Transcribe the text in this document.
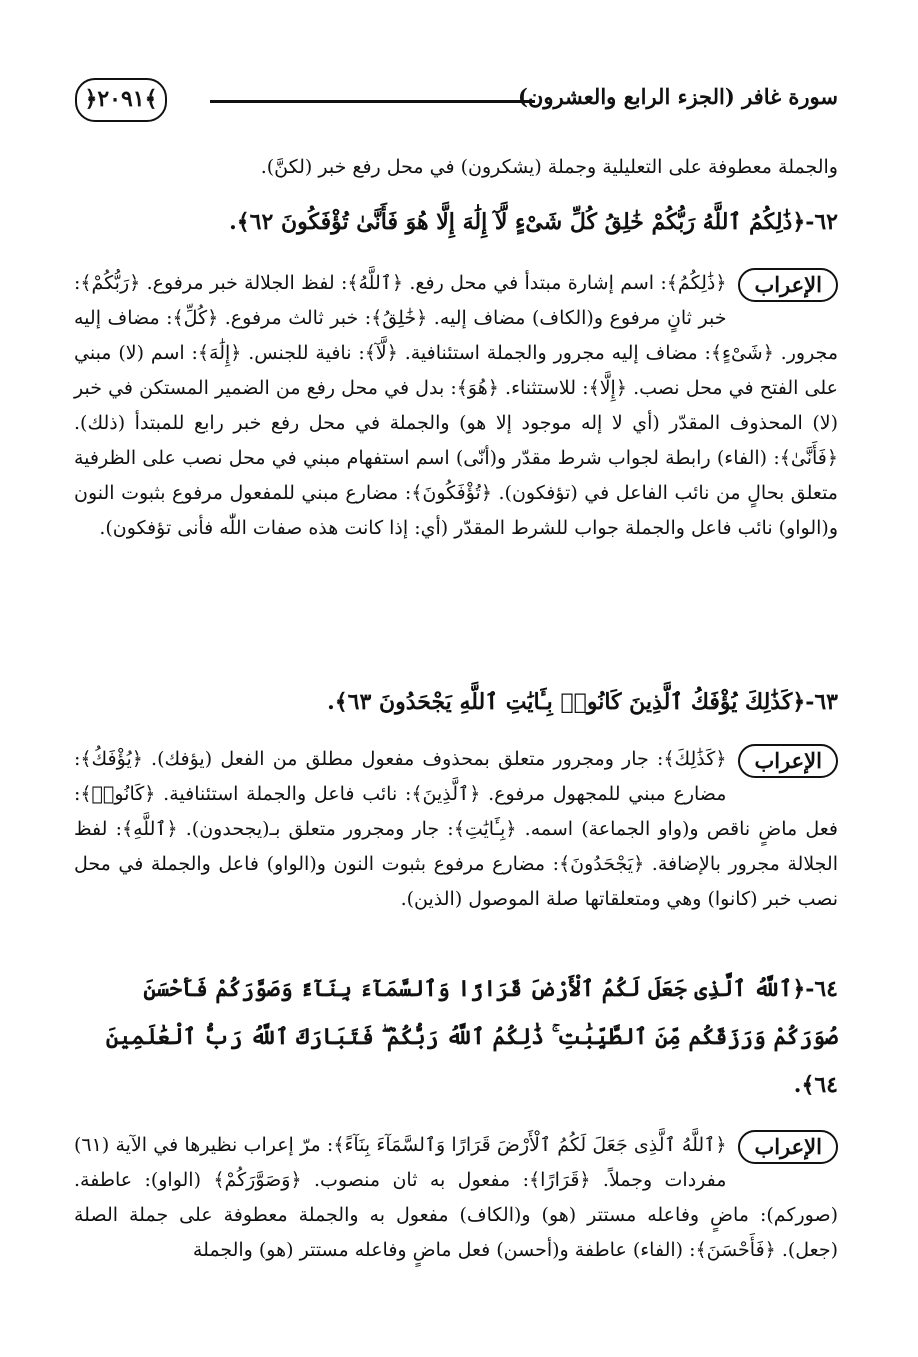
﴿٢٠٩١﴾	سورة غافر (الجزء الرابع والعشرون)
والجملة معطوفة على التعليلية وجملة (يشكرون) في محل رفع خبر (لكنَّ).
٦٢-﴿ذَٰلِكُمُ ٱللَّهُ رَبُّكُمْ خَٰلِقُ كُلِّ شَىْءٍ لَّآ إِلَٰهَ إِلَّا هُوَ فَأَنَّىٰ تُؤْفَكُونَ ٦٢﴾.
الإعراب
﴿ذَٰلِكُمُ﴾: اسم إشارة مبتدأ في محل رفع. ﴿ٱللَّهُ﴾: لفظ الجلالة خبر مرفوع. ﴿رَبُّكُمْ﴾: خبر ثانٍ مرفوع و(الكاف) مضاف إليه. ﴿خَٰلِقُ﴾: خبر ثالث مرفوع. ﴿كُلِّ﴾: مضاف إليه مجرور. ﴿شَىْءٍ﴾: مضاف إليه مجرور والجملة استئنافية. ﴿لَّآ﴾: نافية للجنس. ﴿إِلَٰهَ﴾: اسم (لا) مبني على الفتح في محل نصب. ﴿إِلَّا﴾: للاستثناء. ﴿هُوَ﴾: بدل في محل رفع من الضمير المستكن في خبر (لا) المحذوف المقدّر (أي لا إله موجود إلا هو) والجملة في محل رفع خبر رابع للمبتدأ (ذلك). ﴿فَأَنَّىٰ﴾: (الفاء) رابطة لجواب شرط مقدّر و(أنّى) اسم استفهام مبني في محل نصب على الظرفية متعلق بحالٍ من نائب الفاعل في (تؤفكون). ﴿تُؤْفَكُونَ﴾: مضارع مبني للمفعول مرفوع بثبوت النون و(الواو) نائب فاعل والجملة جواب للشرط المقدّر (أي: إذا كانت هذه صفات اللّٰه فأنى تؤفكون).
٦٣-﴿كَذَٰلِكَ يُؤْفَكُ ٱلَّذِينَ كَانُوا۟ بِـَٔايَٰتِ ٱللَّهِ يَجْحَدُونَ ٦٣﴾.
الإعراب
﴿كَذَٰلِكَ﴾: جار ومجرور متعلق بمحذوف مفعول مطلق من الفعل (يؤفك). ﴿يُؤْفَكُ﴾: مضارع مبني للمجهول مرفوع. ﴿ٱلَّذِينَ﴾: نائب فاعل والجملة استئنافية. ﴿كَانُوا۟﴾: فعل ماضٍ ناقص و(واو الجماعة) اسمه. ﴿بِـَٔايَٰتِ﴾: جار ومجرور متعلق بـ(يجحدون). ﴿ٱللَّهِ﴾: لفظ الجلالة مجرور بالإضافة. ﴿يَجْحَدُونَ﴾: مضارع مرفوع بثبوت النون و(الواو) فاعل والجملة في محل نصب خبر (كانوا) وهي ومتعلقاتها صلة الموصول (الذين).
٦٤-﴿ٱللَّهُ ٱلَّذِى جَعَلَ لَكُمُ ٱلْأَرْضَ قَرَارًا وَٱلسَّمَآءَ بِنَآءً وَصَوَّرَكُمْ فَأَحْسَنَ صُوَرَكُمْ وَرَزَقَكُم مِّنَ ٱلطَّيِّبَٰتِ ۚ ذَٰلِكُمُ ٱللَّهُ رَبُّكُمْ ۖ فَتَبَارَكَ ٱللَّهُ رَبُّ ٱلْعَٰلَمِينَ ٦٤﴾.
الإعراب
﴿ٱللَّهُ ٱلَّذِى جَعَلَ لَكُمُ ٱلْأَرْضَ قَرَارًا وَٱلسَّمَآءَ بِنَآءً﴾: مرّ إعراب نظيرها في الآية (٦١) مفردات وجملاً. ﴿قَرَارًا﴾: مفعول به ثان منصوب. ﴿وَصَوَّرَكُمْ﴾ (الواو): عاطفة. (صوركم): ماضٍ وفاعله مستتر (هو) و(الكاف) مفعول به والجملة معطوفة على جملة الصلة (جعل). ﴿فَأَحْسَنَ﴾: (الفاء) عاطفة و(أحسن) فعل ماضٍ وفاعله مستتر (هو) والجملة
